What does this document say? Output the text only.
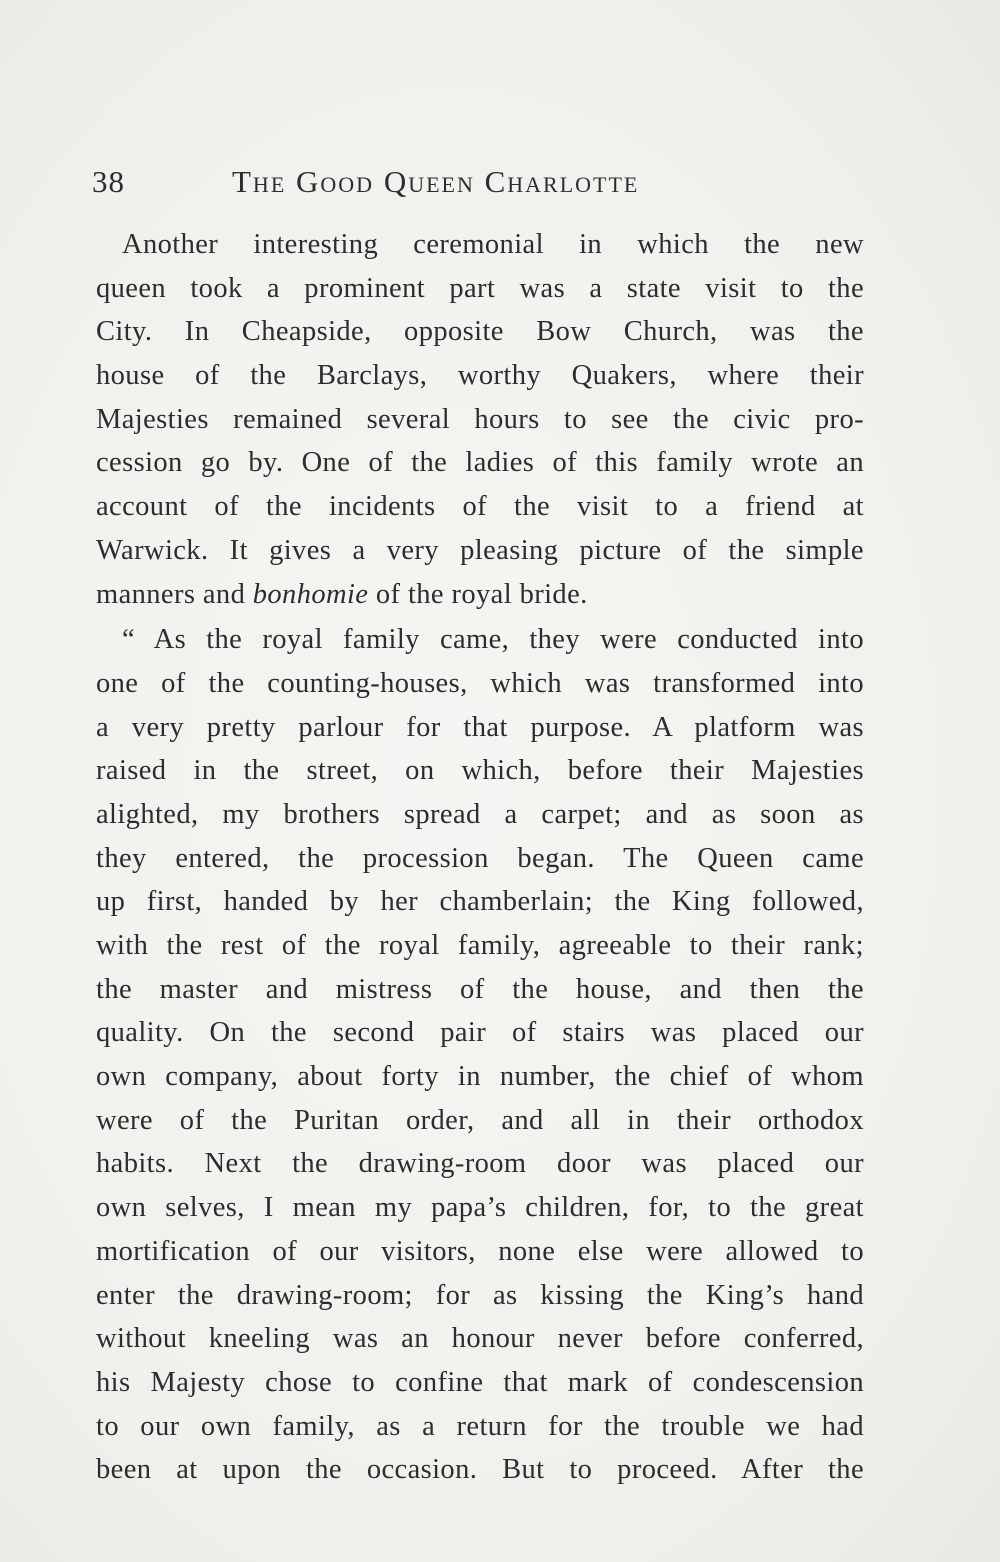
38	The Good Queen Charlotte
Another interesting ceremonial in which the new
queen took a prominent part was a state visit to the
City. In Cheapside, opposite Bow Church, was the
house of the Barclays, worthy Quakers, where their
Majesties remained several hours to see the civic pro-
cession go by. One of the ladies of this family wrote an
account of the incidents of the visit to a friend at
Warwick. It gives a very pleasing picture of the simple
manners and bonhomie of the royal bride.
“ As the royal family came, they were conducted into
one of the counting-houses, which was transformed into
a very pretty parlour for that purpose. A platform was
raised in the street, on which, before their Majesties
alighted, my brothers spread a carpet; and as soon as
they entered, the procession began. The Queen came
up first, handed by her chamberlain; the King followed,
with the rest of the royal family, agreeable to their rank;
the master and mistress of the house, and then the
quality. On the second pair of stairs was placed our
own company, about forty in number, the chief of whom
were of the Puritan order, and all in their orthodox
habits. Next the drawing-room door was placed our
own selves, I mean my papa’s children, for, to the great
mortification of our visitors, none else were allowed to
enter the drawing-room; for as kissing the King’s hand
without kneeling was an honour never before conferred,
his Majesty chose to confine that mark of condescension
to our own family, as a return for the trouble we had
been at upon the occasion. But to proceed. After the
